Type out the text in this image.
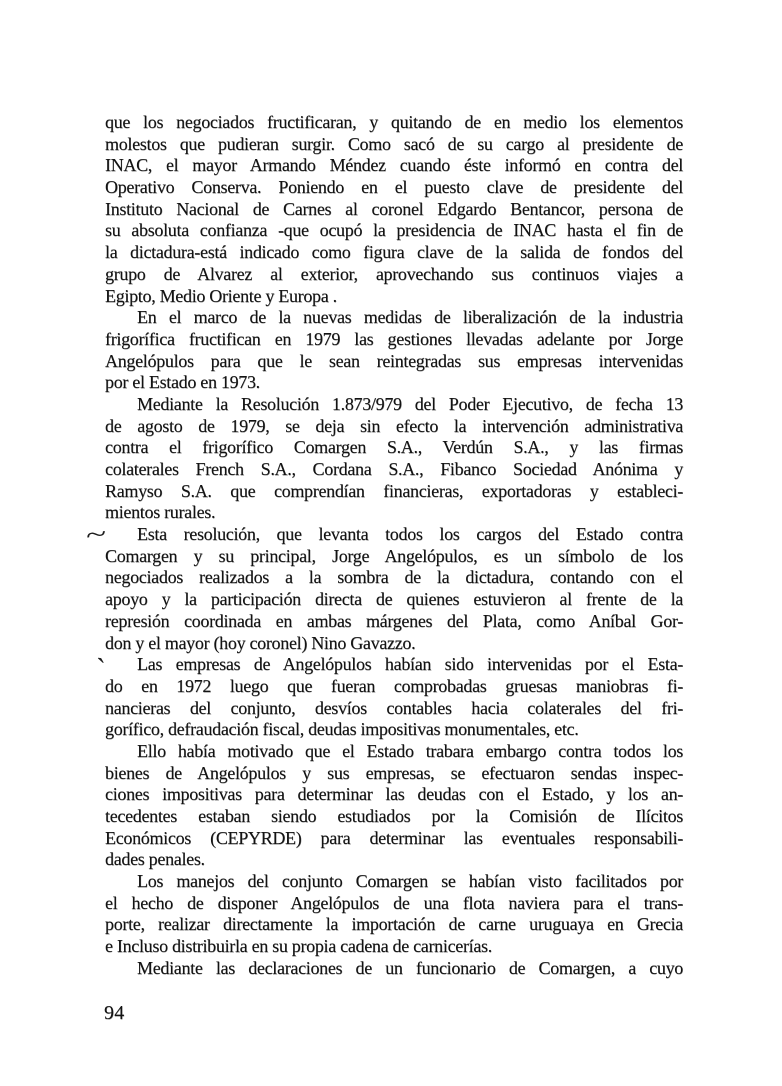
que los negociados fructificaran, y quitando de en medio los elementos
molestos que pudieran surgir. Como sacó de su cargo al presidente de
INAC, el mayor Armando Méndez cuando éste informó en contra del
Operativo Conserva. Poniendo en el puesto clave de presidente del
Instituto Nacional de Carnes al coronel Edgardo Bentancor, persona de
su absoluta confianza -que ocupó la presidencia de INAC hasta el fin de
la dictadura-está indicado como figura clave de la salida de fondos del
grupo de Alvarez al exterior, aprovechando sus continuos viajes a
Egipto, Medio Oriente y Europa .
En el marco de la nuevas medidas de liberalización de la industria
frigorífica fructifican en 1979 las gestiones llevadas adelante por Jorge
Angelópulos para que le sean reintegradas sus empresas intervenidas
por el Estado en 1973.
Mediante la Resolución 1.873/979 del Poder Ejecutivo, de fecha 13
de agosto de 1979, se deja sin efecto la intervención administrativa
contra el frigorífico Comargen S.A., Verdún S.A., y las firmas
colaterales French S.A., Cordana S.A., Fibanco Sociedad Anónima y
Ramyso S.A. que comprendían financieras, exportadoras y estableci-
mientos rurales.
~	Esta resolución, que levanta todos los cargos del Estado contra
Comargen y su principal, Jorge Angelópulos, es un símbolo de los
negociados realizados a la sombra de la dictadura, contando con el
apoyo y la participación directa de quienes estuvieron al frente de la
represión coordinada en ambas márgenes del Plata, como Aníbal Gor-
don y el mayor (hoy coronel) Nino Gavazzo.
ˋ	Las empresas de Angelópulos habían sido intervenidas por el Esta-
do en 1972 luego que fueran comprobadas gruesas maniobras fi-
nancieras del conjunto, desvíos contables hacia colaterales del fri-
gorífico, defraudación fiscal, deudas impositivas monumentales, etc.
Ello había motivado que el Estado trabara embargo contra todos los
bienes de Angelópulos y sus empresas, se efectuaron sendas inspec-
ciones impositivas para determinar las deudas con el Estado, y los an-
tecedentes estaban siendo estudiados por la Comisión de Ilícitos
Económicos (CEPYRDE) para determinar las eventuales responsabili-
dades penales.
Los manejos del conjunto Comargen se habían visto facilitados por
el hecho de disponer Angelópulos de una flota naviera para el trans-
porte, realizar directamente la importación de carne uruguaya en Grecia
e Incluso distribuirla en su propia cadena de carnicerías.
Mediante las declaraciones de un funcionario de Comargen, a cuyo
94
